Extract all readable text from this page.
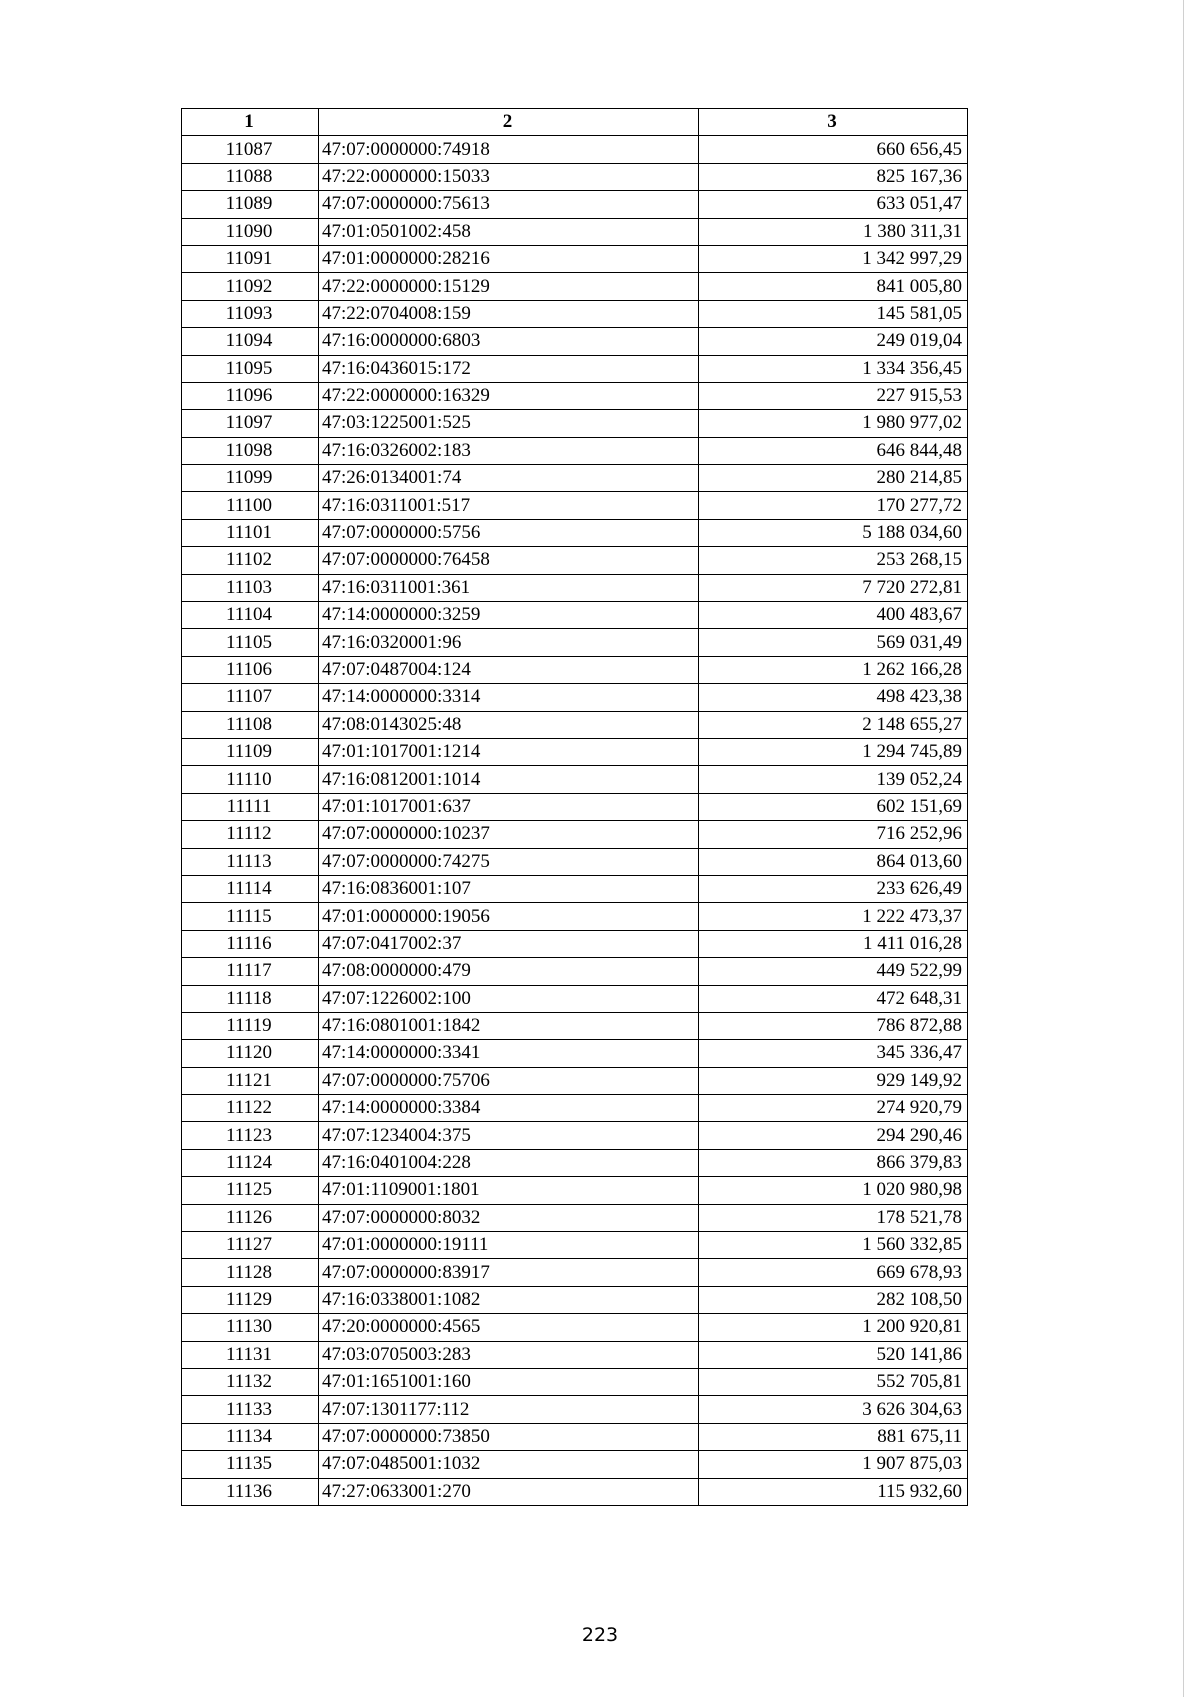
1	2	3
11087	47:07:0000000:74918	660 656,45
11088	47:22:0000000:15033	825 167,36
11089	47:07:0000000:75613	633 051,47
11090	47:01:0501002:458	1 380 311,31
11091	47:01:0000000:28216	1 342 997,29
11092	47:22:0000000:15129	841 005,80
11093	47:22:0704008:159	145 581,05
11094	47:16:0000000:6803	249 019,04
11095	47:16:0436015:172	1 334 356,45
11096	47:22:0000000:16329	227 915,53
11097	47:03:1225001:525	1 980 977,02
11098	47:16:0326002:183	646 844,48
11099	47:26:0134001:74	280 214,85
11100	47:16:0311001:517	170 277,72
11101	47:07:0000000:5756	5 188 034,60
11102	47:07:0000000:76458	253 268,15
11103	47:16:0311001:361	7 720 272,81
11104	47:14:0000000:3259	400 483,67
11105	47:16:0320001:96	569 031,49
11106	47:07:0487004:124	1 262 166,28
11107	47:14:0000000:3314	498 423,38
11108	47:08:0143025:48	2 148 655,27
11109	47:01:1017001:1214	1 294 745,89
11110	47:16:0812001:1014	139 052,24
11111	47:01:1017001:637	602 151,69
11112	47:07:0000000:10237	716 252,96
11113	47:07:0000000:74275	864 013,60
11114	47:16:0836001:107	233 626,49
11115	47:01:0000000:19056	1 222 473,37
11116	47:07:0417002:37	1 411 016,28
11117	47:08:0000000:479	449 522,99
11118	47:07:1226002:100	472 648,31
11119	47:16:0801001:1842	786 872,88
11120	47:14:0000000:3341	345 336,47
11121	47:07:0000000:75706	929 149,92
11122	47:14:0000000:3384	274 920,79
11123	47:07:1234004:375	294 290,46
11124	47:16:0401004:228	866 379,83
11125	47:01:1109001:1801	1 020 980,98
11126	47:07:0000000:8032	178 521,78
11127	47:01:0000000:19111	1 560 332,85
11128	47:07:0000000:83917	669 678,93
11129	47:16:0338001:1082	282 108,50
11130	47:20:0000000:4565	1 200 920,81
11131	47:03:0705003:283	520 141,86
11132	47:01:1651001:160	552 705,81
11133	47:07:1301177:112	3 626 304,63
11134	47:07:0000000:73850	881 675,11
11135	47:07:0485001:1032	1 907 875,03
11136	47:27:0633001:270	115 932,60
223
